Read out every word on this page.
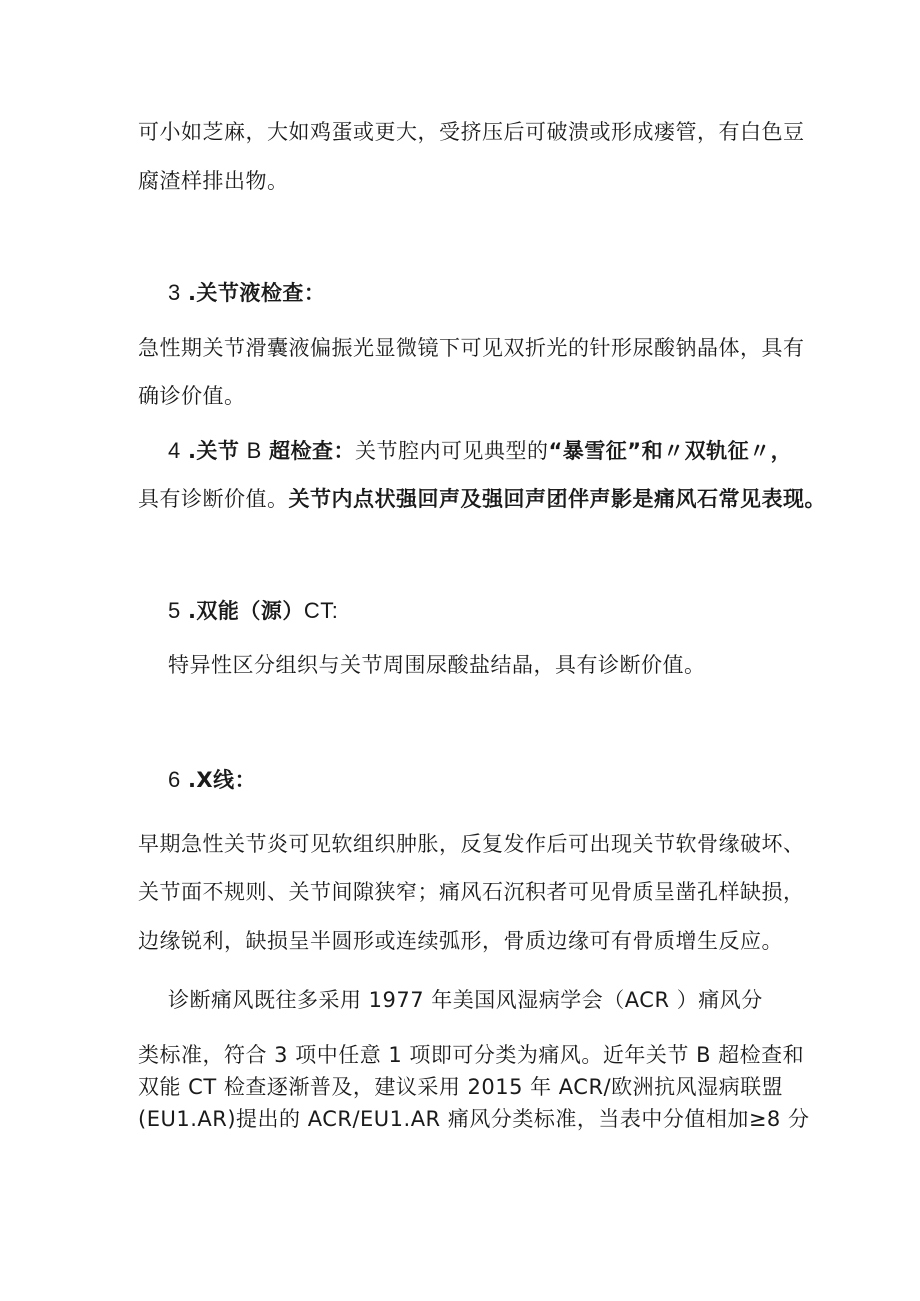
可小如芝麻，大如鸡蛋或更大，受挤压后可破溃或形成瘘管，有白色豆
腐渣样排出物。
3 .关节液检查：
急性期关节滑囊液偏振光显微镜下可见双折光的针形尿酸钠晶体，具有
确诊价值。
4 .关节 B 超检查：关节腔内可见典型的“暴雪征”和〃双轨征〃，
具有诊断价值。关节内点状强回声及强回声团伴声影是痛风石常见表现。
5 .双能（源）CT:
特异性区分组织与关节周围尿酸盐结晶，具有诊断价值。
6 .X线：
早期急性关节炎可见软组织肿胀，反复发作后可出现关节软骨缘破坏、
关节面不规则、关节间隙狭窄；痛风石沉积者可见骨质呈凿孔样缺损，
边缘锐利，缺损呈半圆形或连续弧形，骨质边缘可有骨质增生反应。
诊断痛风既往多采用 1977 年美国风湿病学会（ACR ）痛风分
类标准，符合 3 项中任意 1 项即可分类为痛风。近年关节 B 超检查和
双能 CT 检查逐渐普及，建议采用 2015 年 ACR/欧洲抗风湿病联盟
(EU1.AR)提出的 ACR/EU1.AR 痛风分类标准，当表中分值相加≥8 分
